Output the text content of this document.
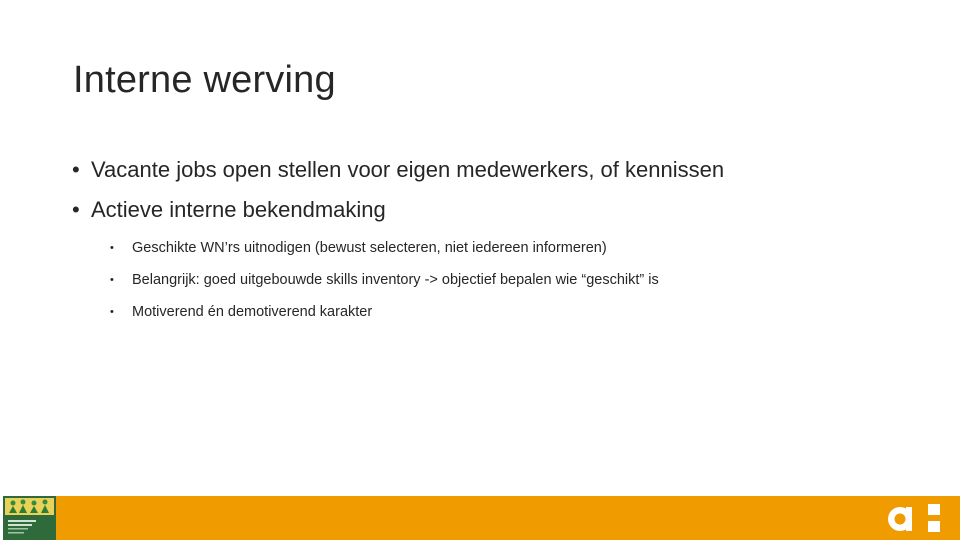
Interne werving
• Vacante jobs open stellen voor eigen medewerkers, of kennissen
• Actieve interne bekendmaking
• Geschikte WN’rs uitnodigen (bewust selecteren, niet iedereen informeren)
• Belangrijk: goed uitgebouwde skills inventory -> objectief bepalen wie “geschikt” is
• Motiverend én demotiverend karakter
